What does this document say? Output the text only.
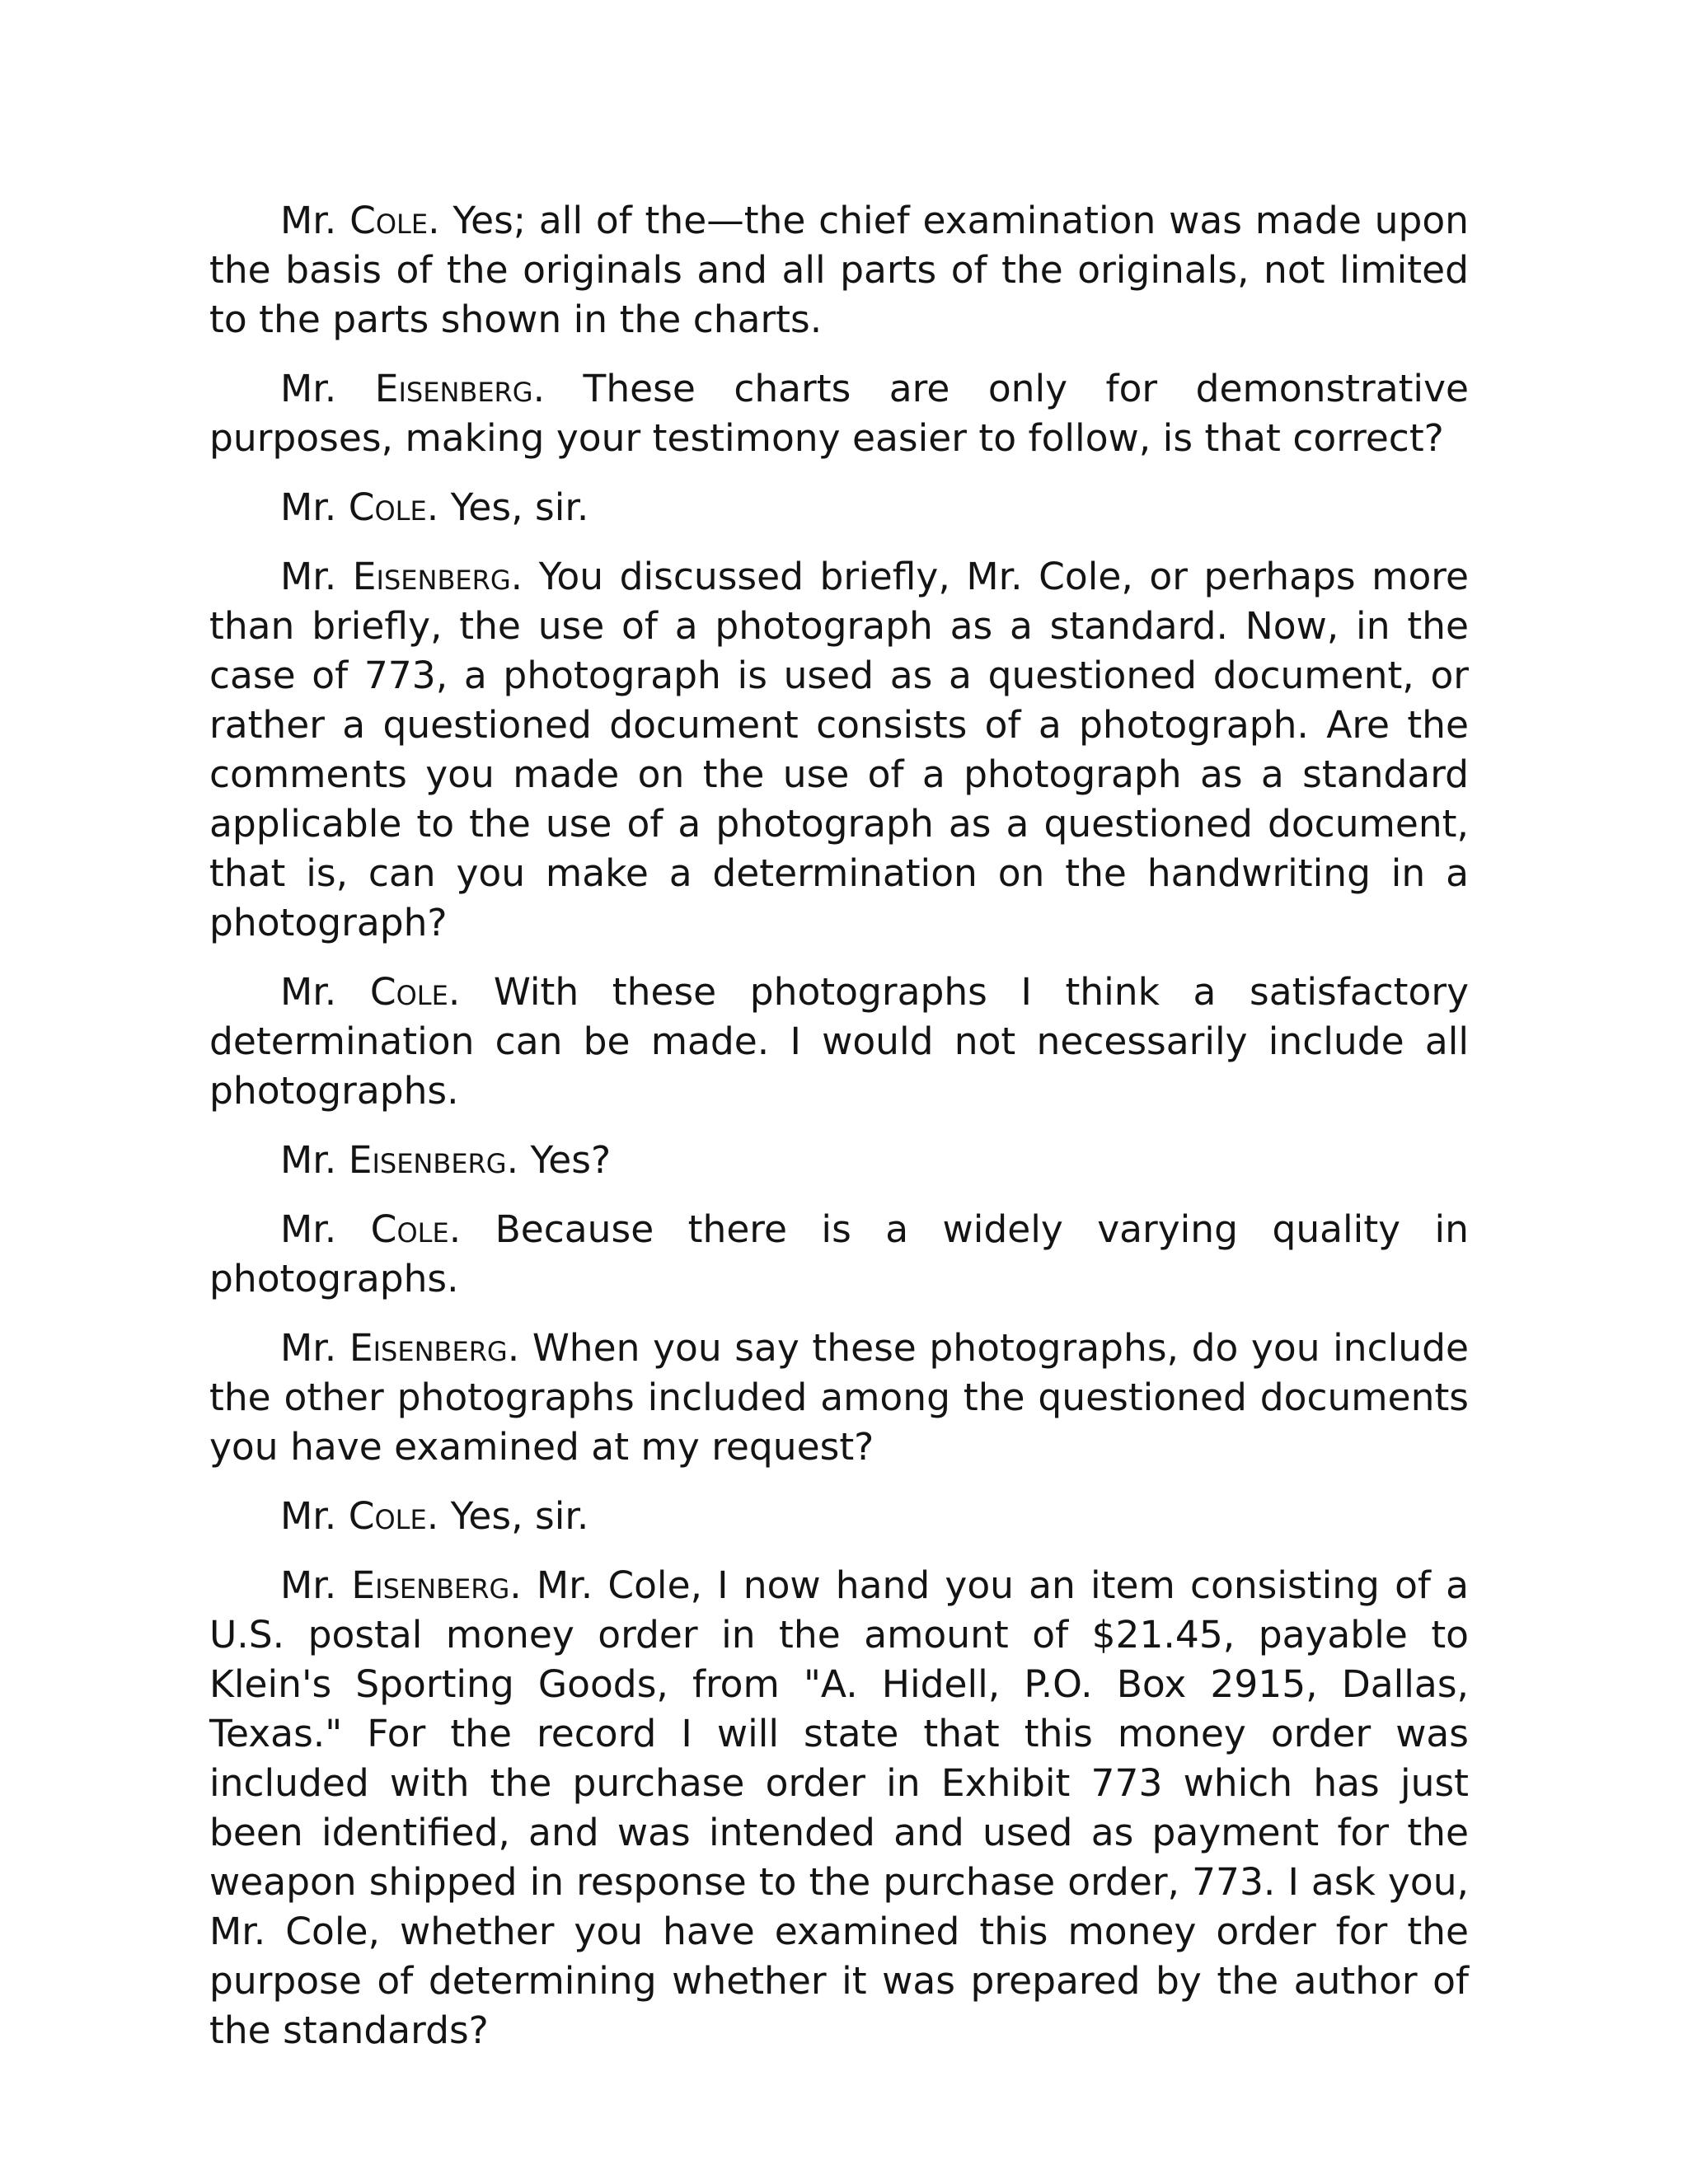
Mr. Cole. Yes; all of the—the chief examination was made upon the basis of the originals and all parts of the originals, not limited to the parts shown in the charts.

Mr. Eisenberg. These charts are only for demonstrative purposes, making your testimony easier to follow, is that correct?

Mr. Cole. Yes, sir.

Mr. Eisenberg. You discussed briefly, Mr. Cole, or perhaps more than briefly, the use of a photograph as a standard. Now, in the case of 773, a photograph is used as a questioned document, or rather a questioned document consists of a photograph. Are the comments you made on the use of a photograph as a standard applicable to the use of a photograph as a questioned document, that is, can you make a determination on the handwriting in a photograph?

Mr. Cole. With these photographs I think a satisfactory determination can be made. I would not necessarily include all photographs.

Mr. Eisenberg. Yes?

Mr. Cole. Because there is a widely varying quality in photographs.

Mr. Eisenberg. When you say these photographs, do you include the other photographs included among the questioned documents you have examined at my request?

Mr. Cole. Yes, sir.

Mr. Eisenberg. Mr. Cole, I now hand you an item consisting of a U.S. postal money order in the amount of $21.45, payable to Klein's Sporting Goods, from "A. Hidell, P.O. Box 2915, Dallas, Texas." For the record I will state that this money order was included with the purchase order in Exhibit 773 which has just been identified, and was intended and used as payment for the weapon shipped in response to the purchase order, 773. I ask you, Mr. Cole, whether you have examined this money order for the purpose of determining whether it was prepared by the author of the standards?
